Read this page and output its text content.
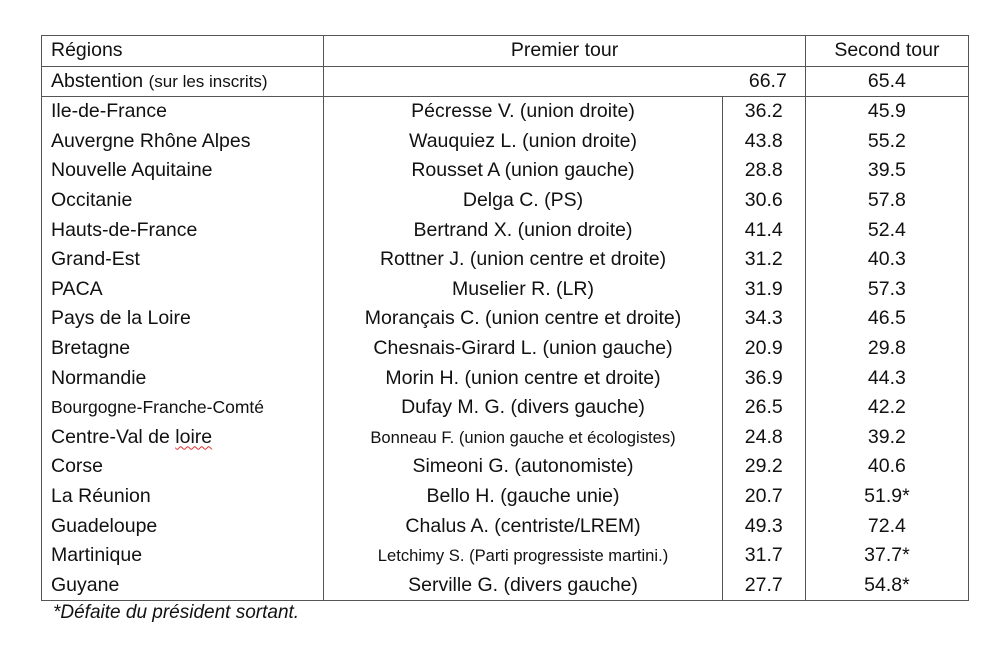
Régions	Premier tour		Second tour
Abstention (sur les inscrits)	66.7		65.4
Ile-de-France	Pécresse V. (union droite)	36.2	45.9
Auvergne Rhône Alpes	Wauquiez L. (union droite)	43.8	55.2
Nouvelle Aquitaine	Rousset A (union gauche)	28.8	39.5
Occitanie	Delga C. (PS)	30.6	57.8
Hauts-de-France	Bertrand X. (union droite)	41.4	52.4
Grand-Est	Rottner J. (union centre et droite)	31.2	40.3
PACA	Muselier R. (LR)	31.9	57.3
Pays de la Loire	Morançais C. (union centre et droite)	34.3	46.5
Bretagne	Chesnais-Girard L. (union gauche)	20.9	29.8
Normandie	Morin H. (union centre et droite)	36.9	44.3
Bourgogne-Franche-Comté	Dufay M. G. (divers gauche)	26.5	42.2
Centre-Val de loire	Bonneau F. (union gauche et écologistes)	24.8	39.2
Corse	Simeoni G. (autonomiste)	29.2	40.6
La Réunion	Bello H. (gauche unie)	20.7	51.9*
Guadeloupe	Chalus A. (centriste/LREM)	49.3	72.4
Martinique	Letchimy S. (Parti progressiste martini.)	31.7	37.7*
Guyane	Serville G. (divers gauche)	27.7	54.8*
*Défaite du président sortant.
